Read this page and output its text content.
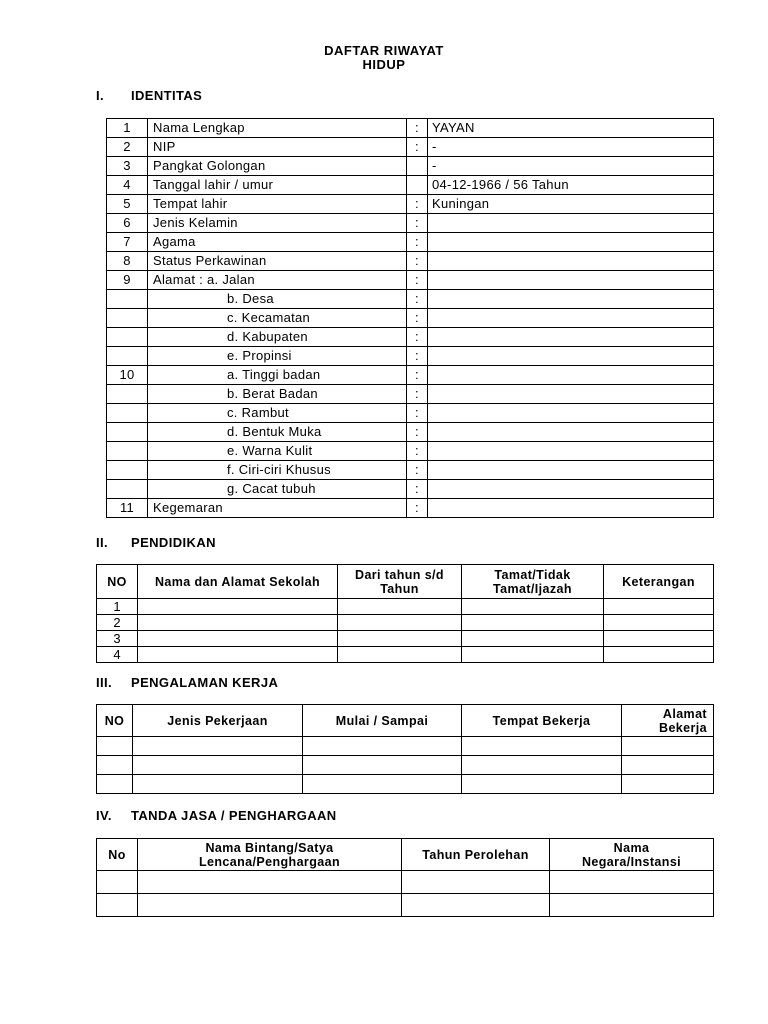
DAFTAR RIWAYAT
HIDUP
I. IDENTITAS
1	Nama Lengkap	:	YAYAN
2	NIP	:	-
3	Pangkat Golongan		-
4	Tanggal lahir / umur		04-12-1966 / 56 Tahun
5	Tempat lahir	:	Kuningan
6	Jenis Kelamin	:	
7	Agama	:	
8	Status Perkawinan	:	
9	Alamat : a. Jalan	:	
	b. Desa	:	
	c. Kecamatan	:	
	d. Kabupaten	:	
	e. Propinsi	:	
10	a. Tinggi badan	:	
	b. Berat Badan	:	
	c. Rambut	:	
	d. Bentuk Muka	:	
	e. Warna Kulit	:	
	f. Ciri-ciri Khusus	:	
	g. Cacat tubuh	:	
11	Kegemaran	:	
II. PENDIDIKAN
NO	Nama dan Alamat Sekolah	Dari tahun s/d Tahun	Tamat/Tidak Tamat/Ijazah	Keterangan
1				
2				
3				
4				
III. PENGALAMAN KERJA
NO	Jenis Pekerjaan	Mulai / Sampai	Tempat Bekerja	Alamat Bekerja

IV. TANDA JASA / PENGHARGAAN
No	Nama Bintang/Satya Lencana/Penghargaan	Tahun Perolehan	Nama Negara/Instansi
